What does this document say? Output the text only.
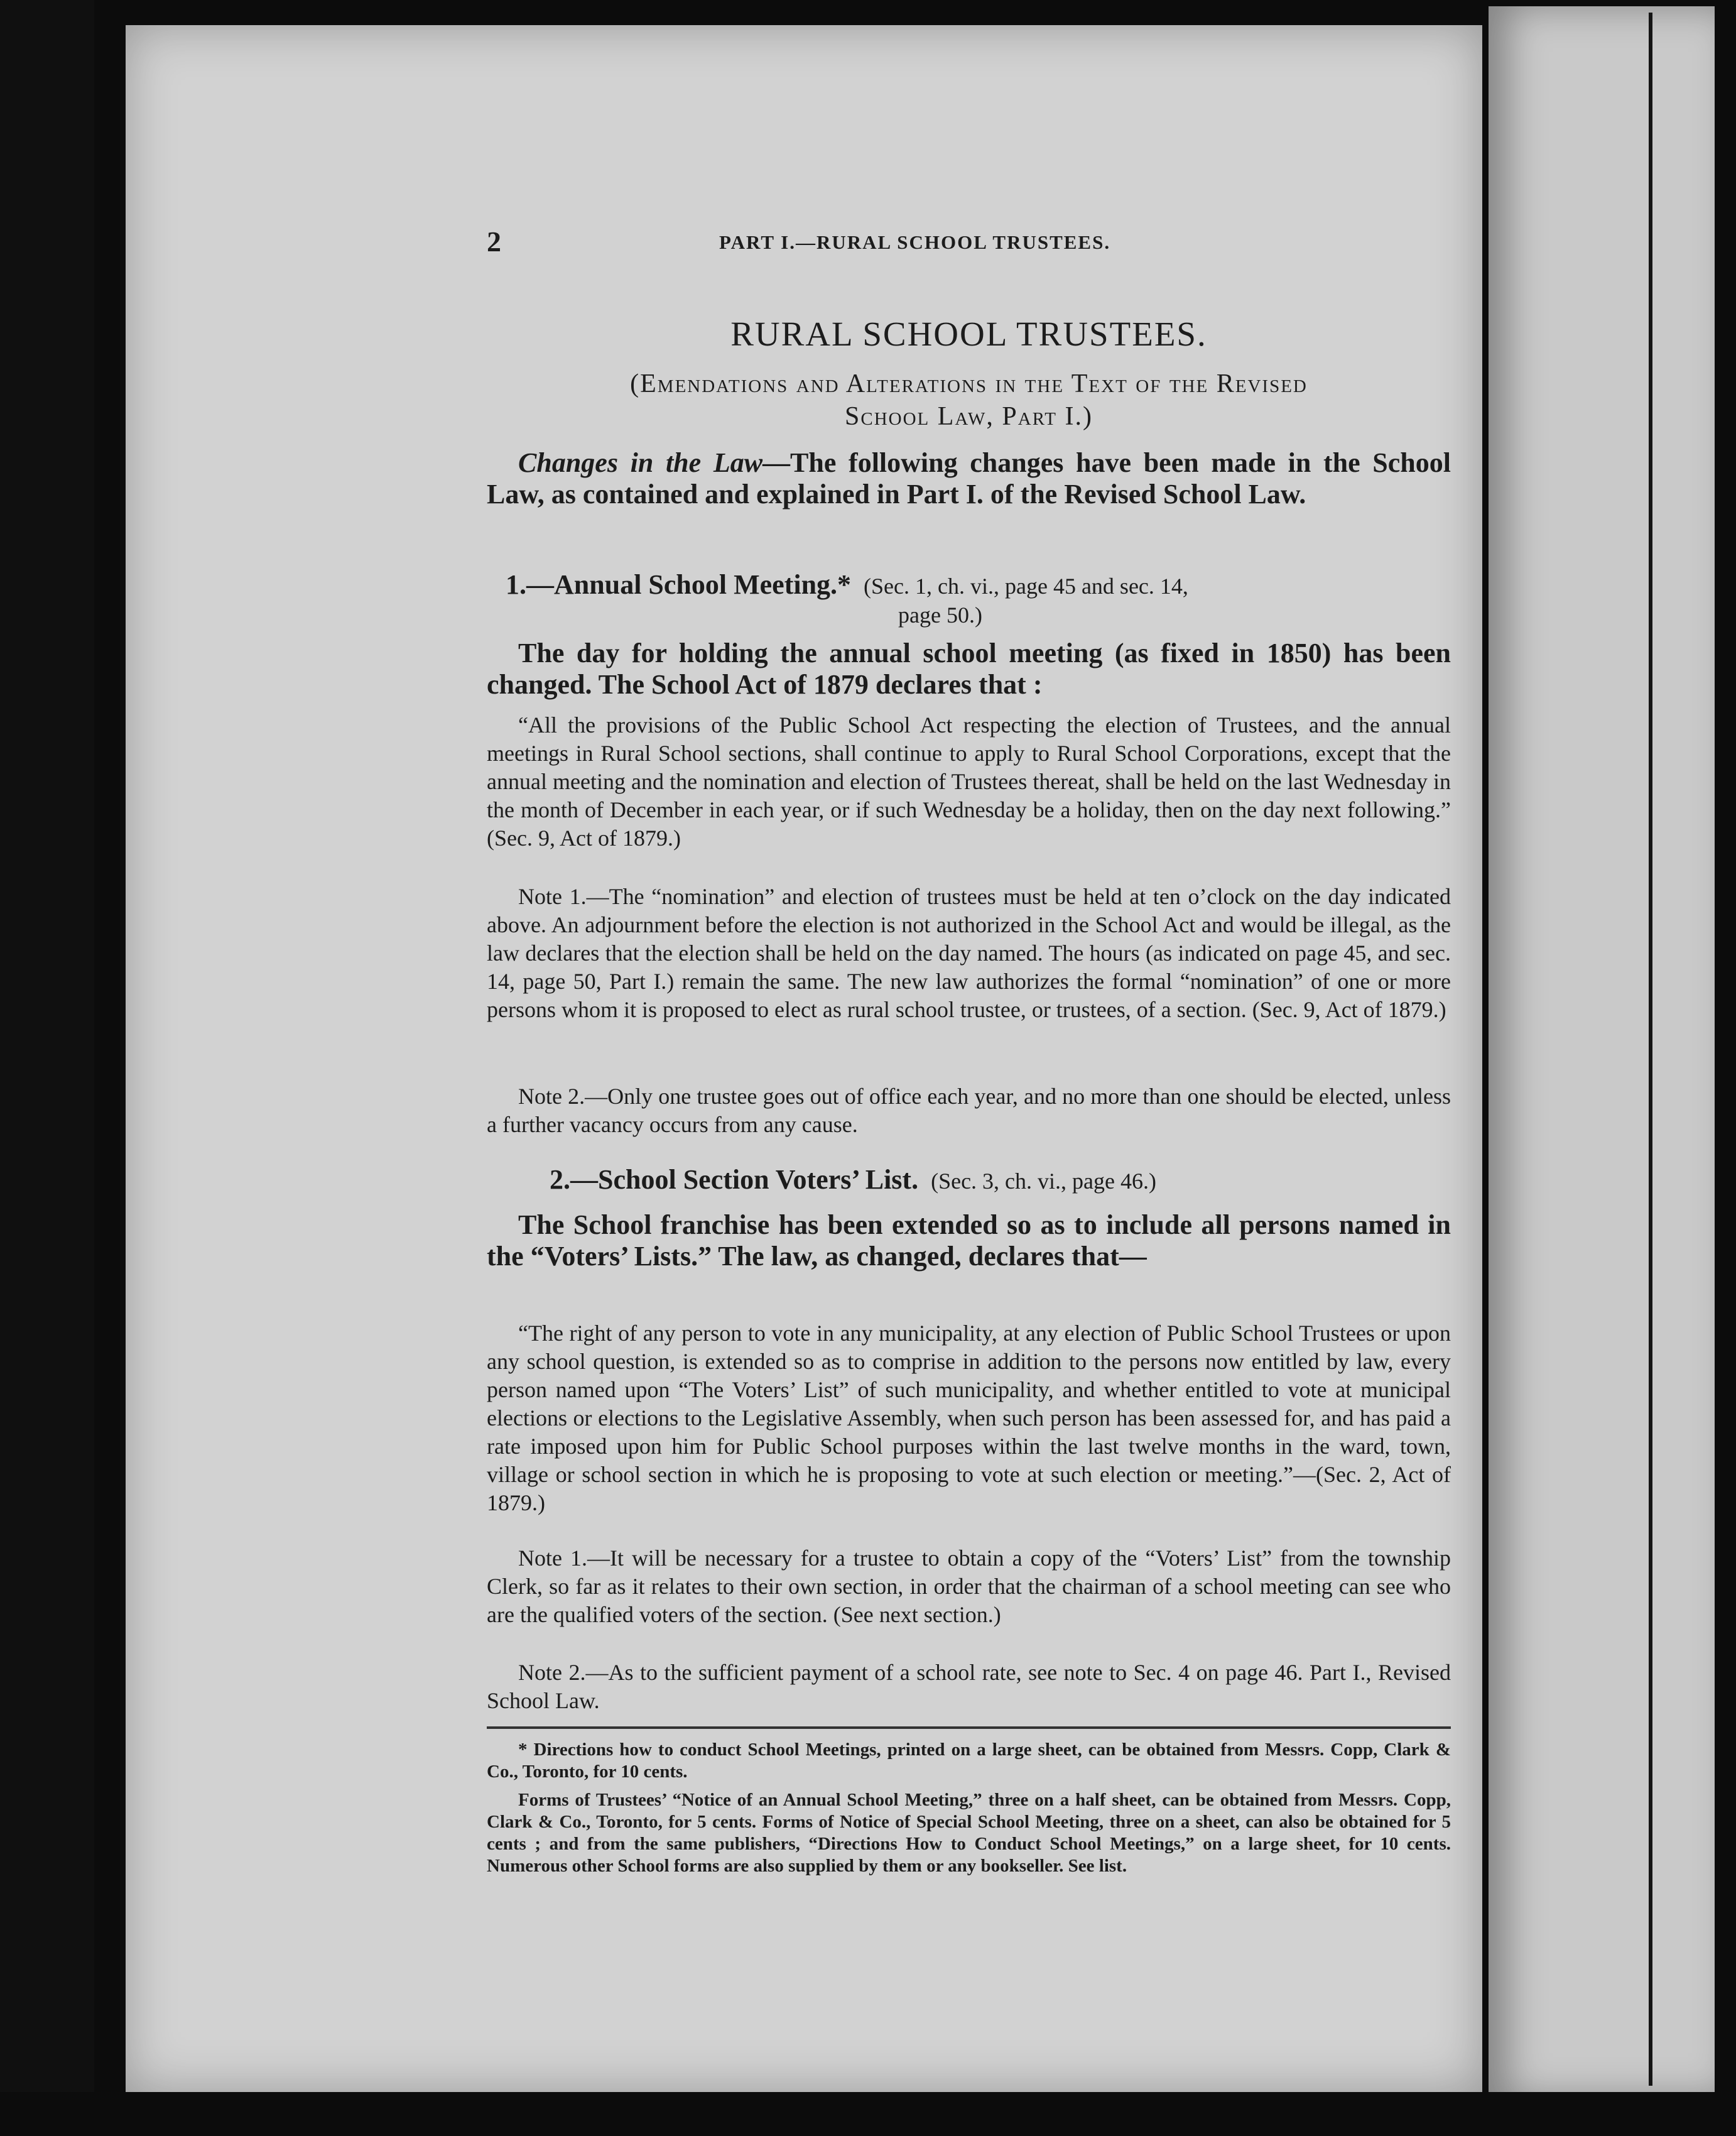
2	PART I.—RURAL SCHOOL TRUSTEES.
RURAL SCHOOL TRUSTEES.
(Emendations and Alterations in the Text of the Revised
School Law, Part I.)
Changes in the Law—The following changes have been made in the School Law, as contained and explained in Part I. of the Revised School Law.
1.—Annual School Meeting.* (Sec. 1, ch. vi., page 45 and sec. 14,
page 50.)
The day for holding the annual school meeting (as fixed in 1850) has been changed. The School Act of 1879 declares that :
“All the provisions of the Public School Act respecting the election of Trustees, and the annual meetings in Rural School sections, shall continue to apply to Rural School Corporations, except that the annual meeting and the nomination and election of Trustees thereat, shall be held on the last Wednesday in the month of December in each year, or if such Wednesday be a holiday, then on the day next following.” (Sec. 9, Act of 1879.)
Note 1.—The “nomination” and election of trustees must be held at ten o’clock on the day indicated above. An adjournment before the election is not authorized in the School Act and would be illegal, as the law declares that the election shall be held on the day named. The hours (as indicated on page 45, and sec. 14, page 50, Part I.) remain the same. The new law authorizes the formal “nomination” of one or more persons whom it is proposed to elect as rural school trustee, or trustees, of a section. (Sec. 9, Act of 1879.)
Note 2.—Only one trustee goes out of office each year, and no more than one should be elected, unless a further vacancy occurs from any cause.
2.—School Section Voters’ List. (Sec. 3, ch. vi., page 46.)
The School franchise has been extended so as to include all persons named in the “Voters’ Lists.” The law, as changed, declares that—
“The right of any person to vote in any municipality, at any election of Public School Trustees or upon any school question, is extended so as to comprise in addition to the persons now entitled by law, every person named upon “The Voters’ List” of such municipality, and whether entitled to vote at municipal elections or elections to the Legislative Assembly, when such person has been assessed for, and has paid a rate imposed upon him for Public School purposes within the last twelve months in the ward, town, village or school section in which he is proposing to vote at such election or meeting.”—(Sec. 2, Act of 1879.)
Note 1.—It will be necessary for a trustee to obtain a copy of the “Voters’ List” from the township Clerk, so far as it relates to their own section, in order that the chairman of a school meeting can see who are the qualified voters of the section. (See next section.)
Note 2.—As to the sufficient payment of a school rate, see note to Sec. 4 on page 46. Part I., Revised School Law.
* Directions how to conduct School Meetings, printed on a large sheet, can be obtained from Messrs. Copp, Clark & Co., Toronto, for 10 cents.
Forms of Trustees’ “Notice of an Annual School Meeting,” three on a half sheet, can be obtained from Messrs. Copp, Clark & Co., Toronto, for 5 cents. Forms of Notice of Special School Meeting, three on a sheet, can also be obtained for 5 cents ; and from the same publishers, “Directions How to Conduct School Meetings,” on a large sheet, for 10 cents. Numerous other School forms are also supplied by them or any bookseller. See list.
